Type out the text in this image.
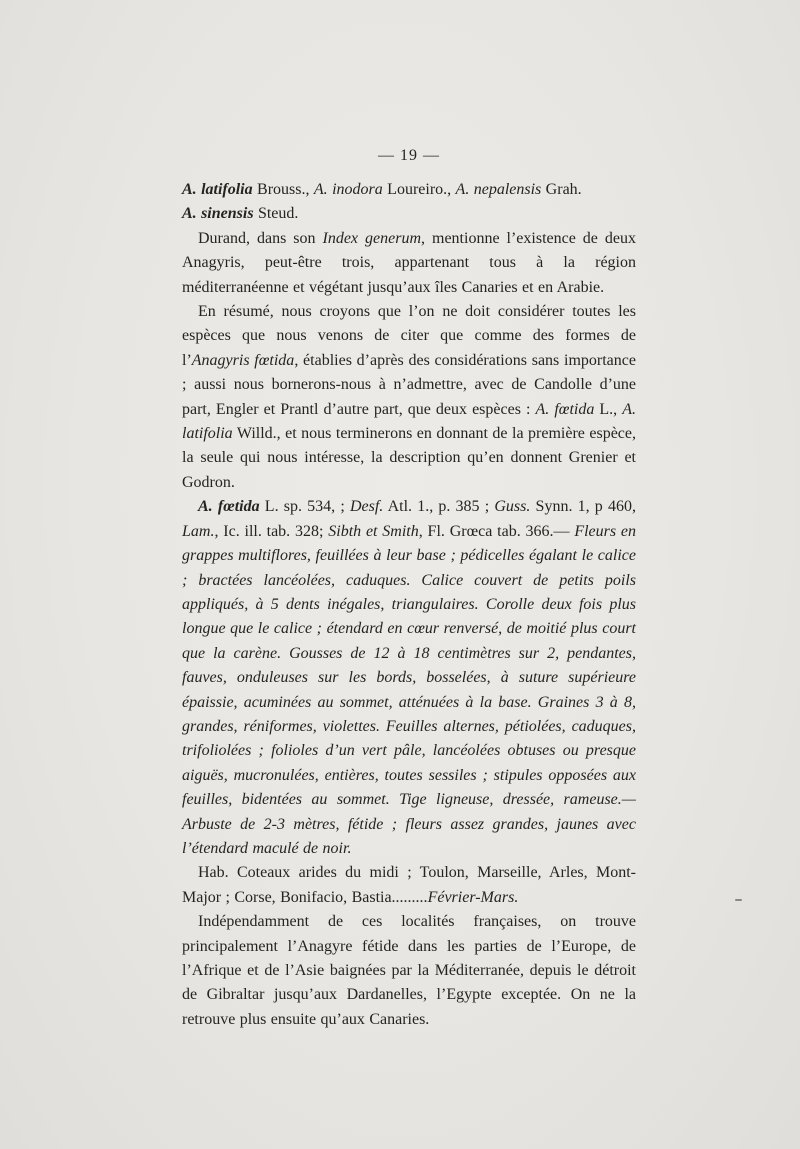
— 19 —

A. latifolia Brouss., A. inodora Loureiro., A. nepalensis Grah.

A. sinensis Steud.

Durand, dans son Index generum, mentionne l’existence de deux Anagyris, peut-être trois, appartenant tous à la région méditerranéenne et végétant jusqu’aux îles Canaries et en Arabie.

En résumé, nous croyons que l’on ne doit considérer toutes les espèces que nous venons de citer que comme des formes de l’Anagyris fœtida, établies d’après des considérations sans importance ; aussi nous bornerons-nous à n’admettre, avec de Candolle d’une part, Engler et Prantl d’autre part, que deux espèces : A. fœtida L., A. latifolia Willd., et nous terminerons en donnant de la première espèce, la seule qui nous intéresse, la description qu’en donnent Grenier et Godron.

A. fœtida L. sp. 534, ; Desf. Atl. 1., p. 385 ; Guss. Synn. 1, p 460, Lam., Ic. ill. tab. 328; Sibth et Smith, Fl. Grœca tab. 366.— Fleurs en grappes multiflores, feuillées à leur base ; pédicelles égalant le calice ; bractées lancéolées, caduques. Calice couvert de petits poils appliqués, à 5 dents inégales, triangulaires. Corolle deux fois plus longue que le calice ; étendard en cœur renversé, de moitié plus court que la carène. Gousses de 12 à 18 centimètres sur 2, pendantes, fauves, onduleuses sur les bords, bosselées, à suture supérieure épaissie, acuminées au sommet, atténuées à la base. Graines 3 à 8, grandes, réniformes, violettes. Feuilles alternes, pétiolées, caduques, trifoliolées ; folioles d’un vert pâle, lancéolées obtuses ou presque aiguës, mucronulées, entières, toutes sessiles ; stipules opposées aux feuilles, bidentées au sommet. Tige ligneuse, dressée, rameuse.— Arbuste de 2-3 mètres, fétide ; fleurs assez grandes, jaunes avec l’étendard maculé de noir.

Hab. Coteaux arides du midi ; Toulon, Marseille, Arles, Mont-Major ; Corse, Bonifacio, Bastia.........Février-Mars.

Indépendamment de ces localités françaises, on trouve principalement l’Anagyre fétide dans les parties de l’Europe, de l’Afrique et de l’Asie baignées par la Méditerranée, depuis le détroit de Gibraltar jusqu’aux Dardanelles, l’Egypte exceptée. On ne la retrouve plus ensuite qu’aux Canaries.
